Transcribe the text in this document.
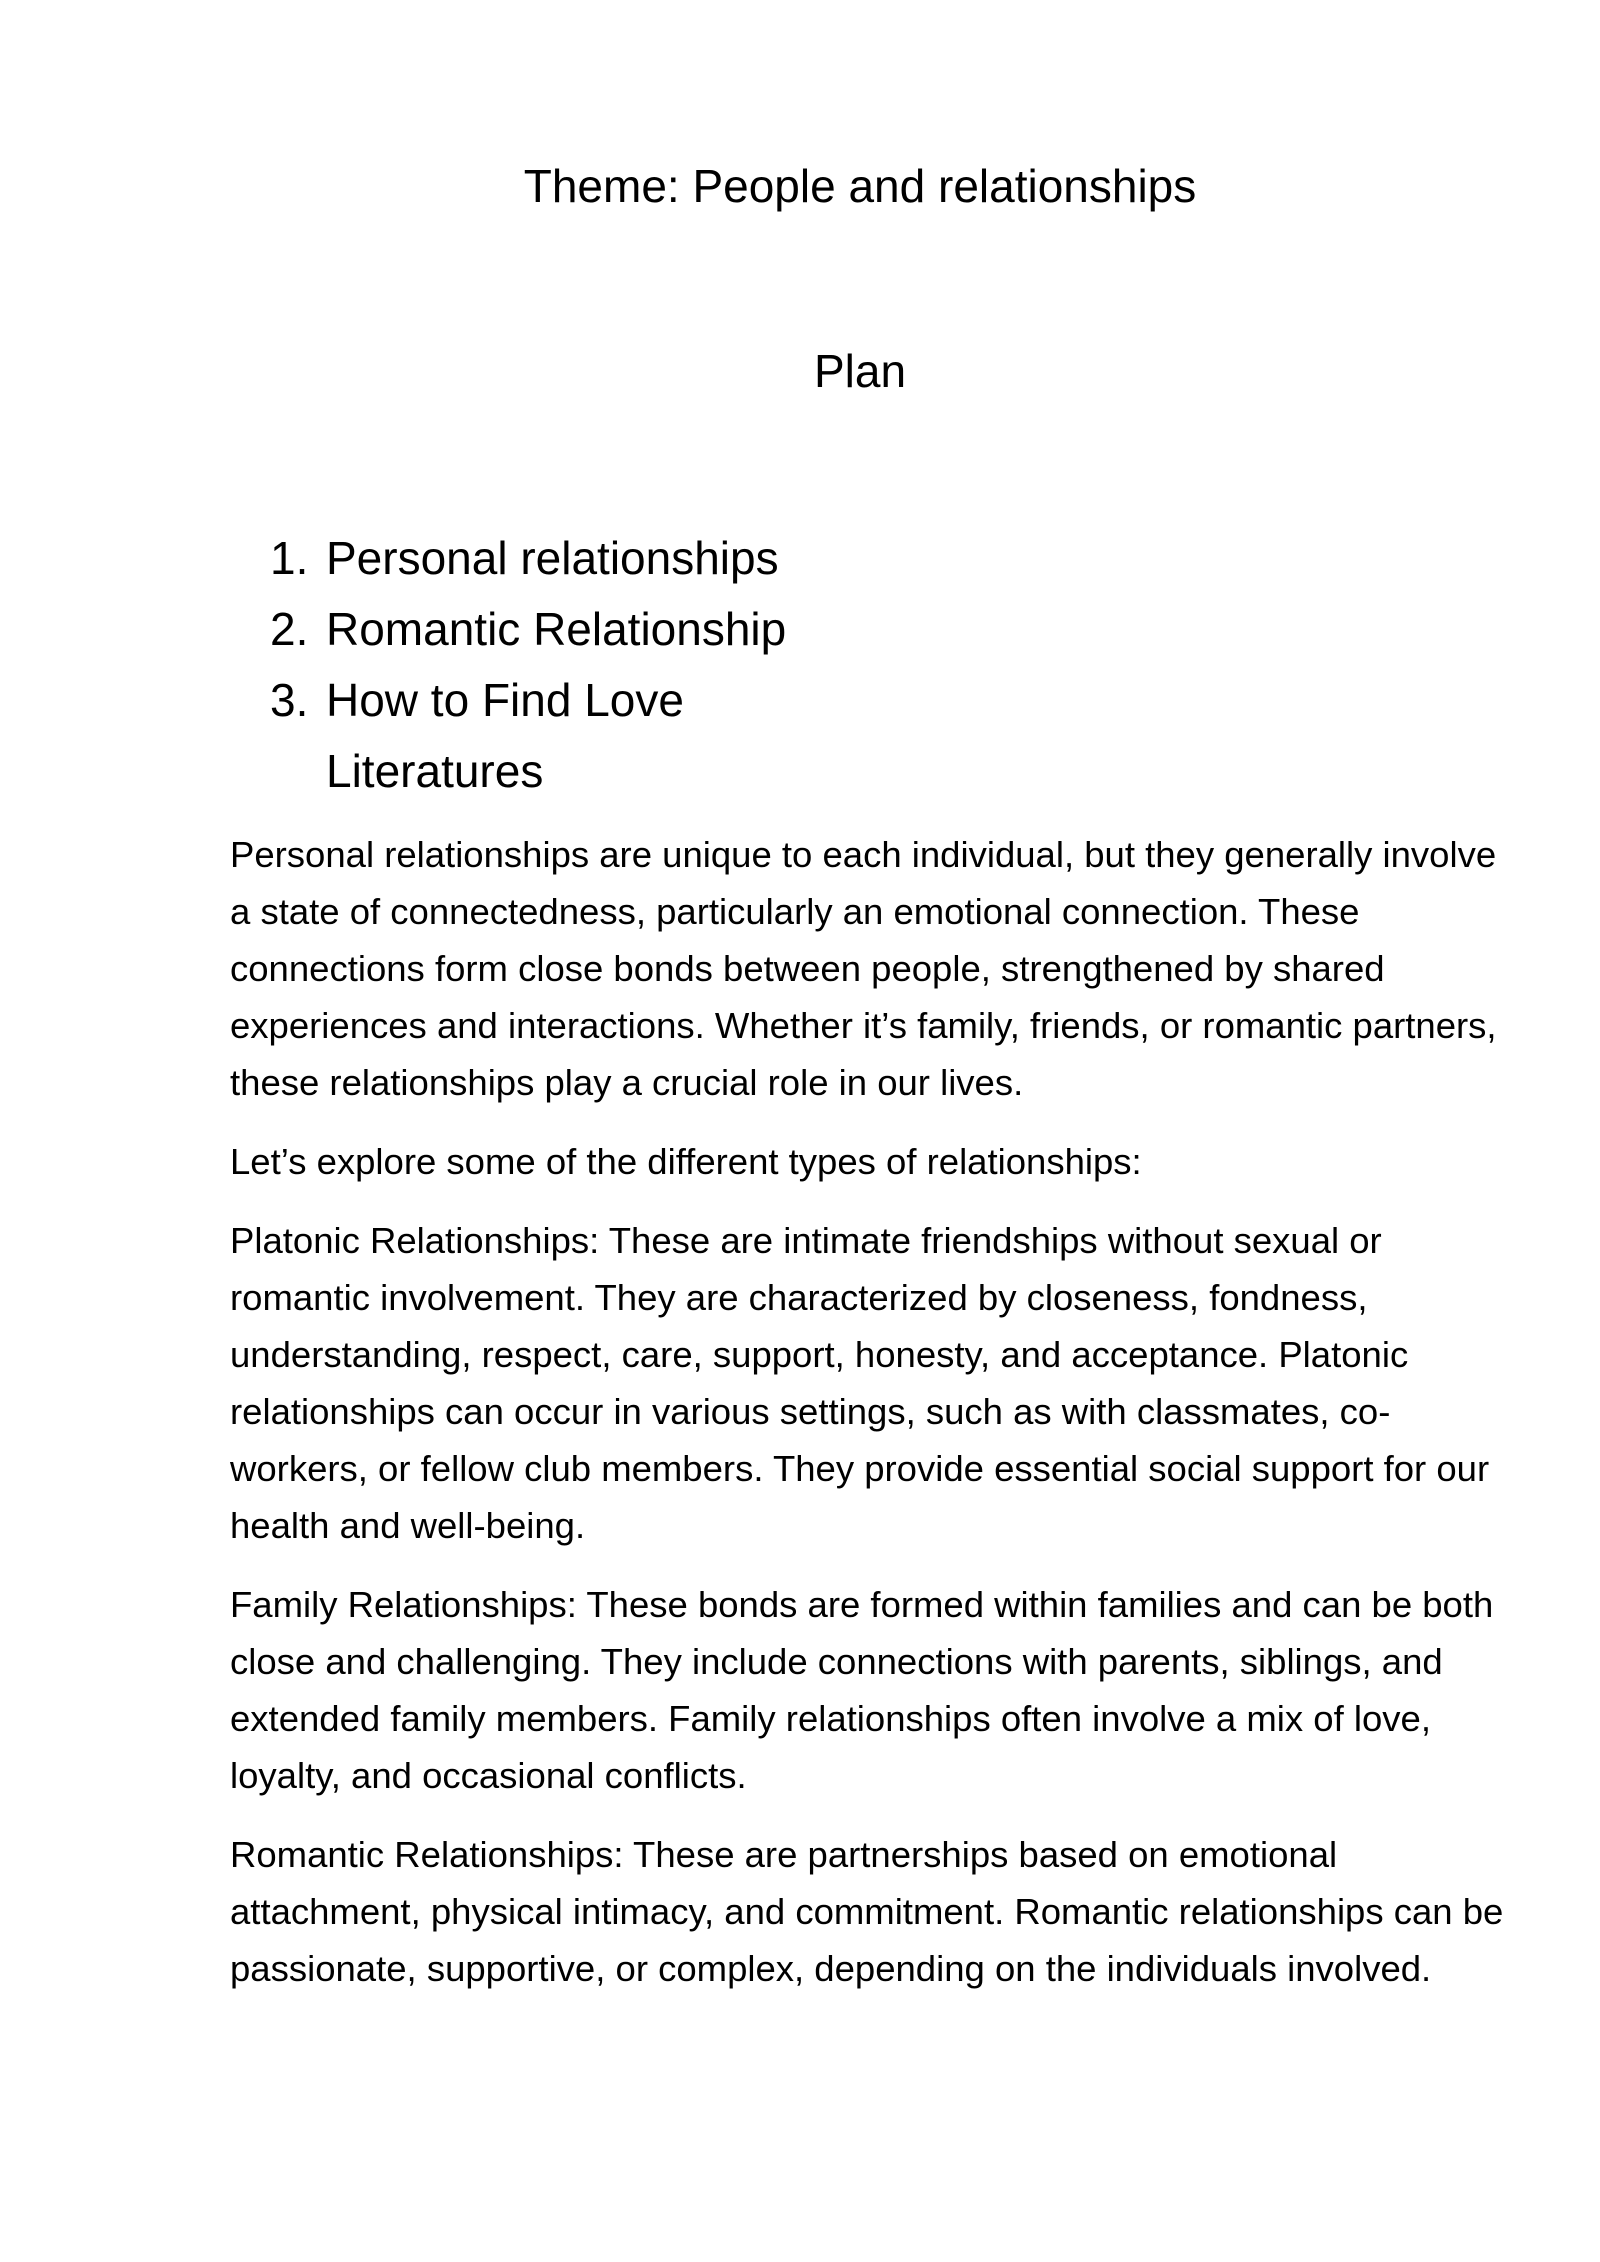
Theme: People and relationships
Plan
1. Personal relationships
2. Romantic Relationship
3. How to Find Love
Literatures

Personal relationships are unique to each individual, but they generally involve a state of connectedness, particularly an emotional connection. These connections form close bonds between people, strengthened by shared experiences and interactions. Whether it’s family, friends, or romantic partners, these relationships play a crucial role in our lives.

Let’s explore some of the different types of relationships:

Platonic Relationships: These are intimate friendships without sexual or romantic involvement. They are characterized by closeness, fondness, understanding, respect, care, support, honesty, and acceptance. Platonic relationships can occur in various settings, such as with classmates, co-workers, or fellow club members. They provide essential social support for our health and well-being.

Family Relationships: These bonds are formed within families and can be both close and challenging. They include connections with parents, siblings, and extended family members. Family relationships often involve a mix of love, loyalty, and occasional conflicts.

Romantic Relationships: These are partnerships based on emotional attachment, physical intimacy, and commitment. Romantic relationships can be passionate, supportive, or complex, depending on the individuals involved.
